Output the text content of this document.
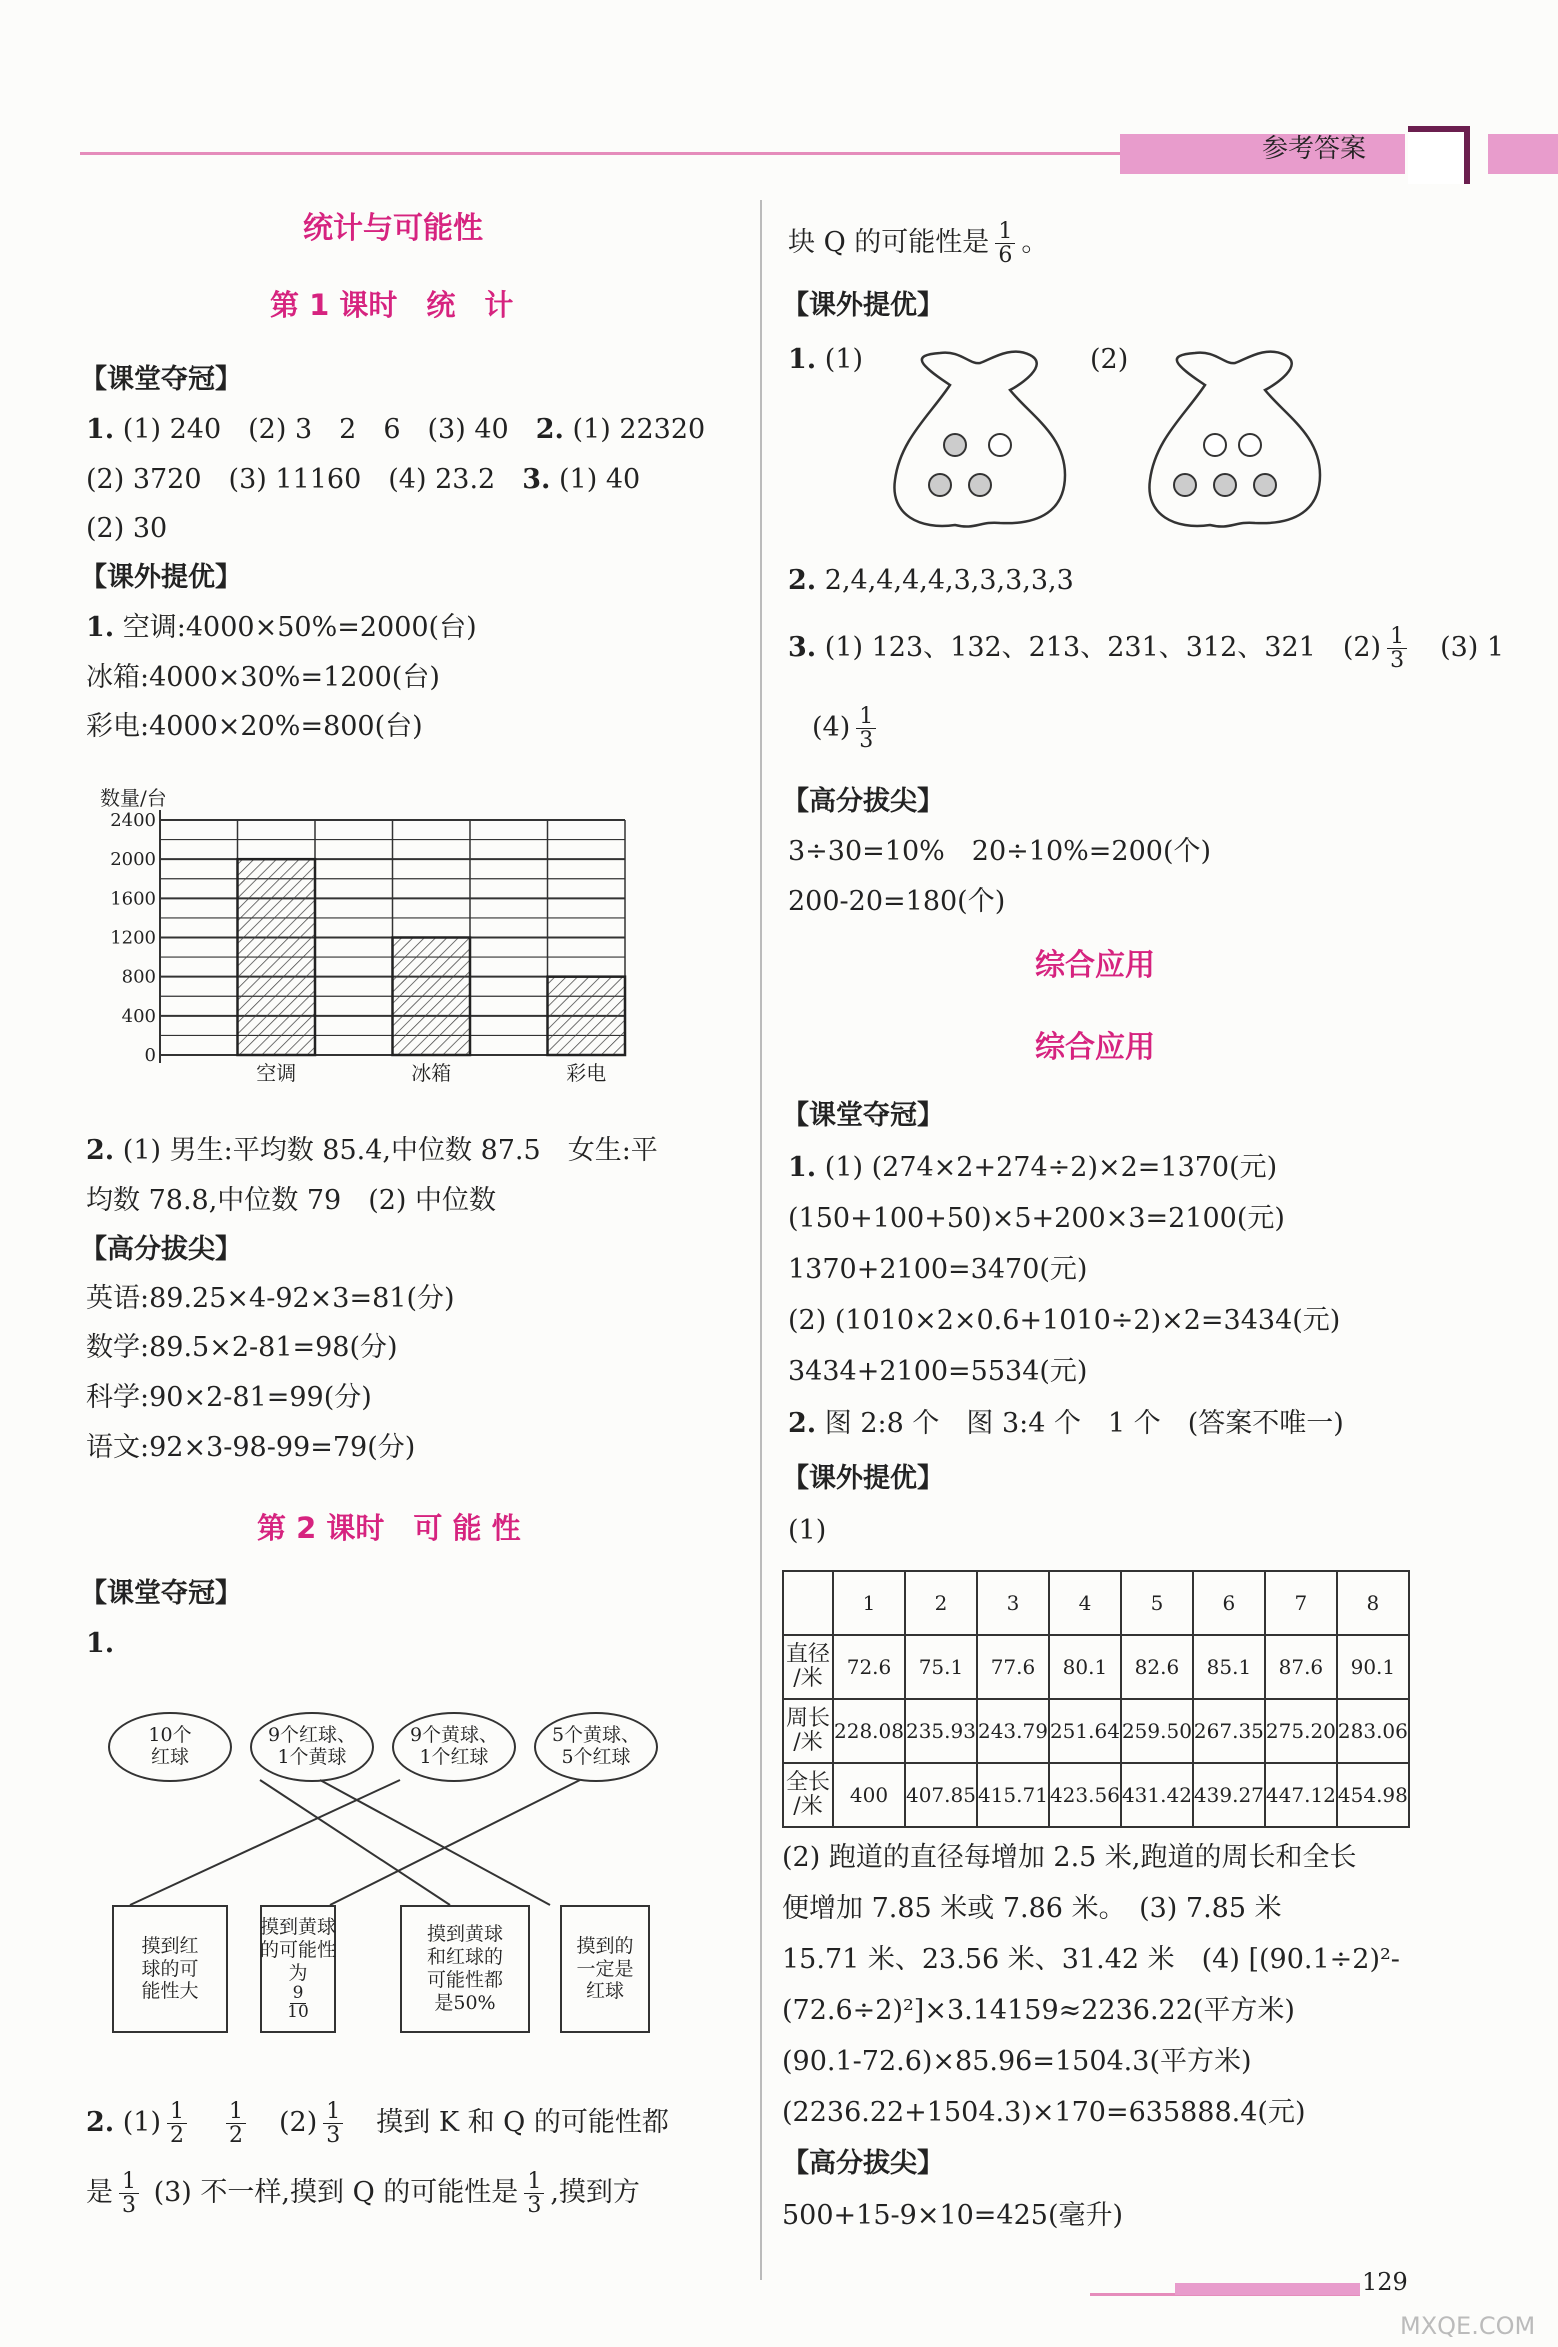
参考答案
统计与可能性
第 1 课时　统　计
【课堂夺冠】
1. (1) 240　(2) 3　2　6　(3) 40　 2. (1) 22320
(2) 3720　(3) 11160　(4) 23.2　 3. (1) 40
(2) 30
【课外提优】
1. 空调:4000×50%=2000(台)
冰箱:4000×30%=1200(台)
彩电:4000×20%=800(台)
数量/台
0
400
800
1200
1600
2000
2400
空调	冰箱	彩电
2. (1) 男生:平均数 85.4,中位数 87.5　女生:平
均数 78.8,中位数 79　(2) 中位数
【高分拔尖】
英语:89.25×4-92×3=81(分)
数学:89.5×2-81=98(分)
科学:90×2-81=99(分)
语文:92×3-98-99=79(分)
第 2 课时　可 能 性
【课堂夺冠】
1.
10个
红球
9个红球、
1个黄球
9个黄球、
1个红球
5个黄球、
5个红球
摸到红
球的可
能性大
摸到黄球
的可能性
为
$\frac{9}{10}$
摸到黄球
和红球的
可能性都
是50%
摸到的
一定是
红球
2. $(1) \frac{1}{2}$
　 $\frac{1}{2}$ 　$(2) \frac{1}{3}$
　 摸到 K 和 Q 的可能性都
是 $\frac{1}{3} (3)$ 不一样,摸到 Q 的可能性是 $\frac{1}{3}$ ,摸到方
块 Q 的可能性是 $\frac{1}{6}$ 。
【课外提优】
1. (1)	(2)
2. 2,4,4,4,4,3,3,3,3,3
3. (1) 123、132、213、231、312、321　$(2) \frac{1}{3}$
　 (3) 1
$(4) \frac{1}{3}$
【高分拔尖】
3÷30=10%　20÷10%=200(个)
200-20=180(个)
综合应用
综合应用
【课堂夺冠】
1. (1) (274×2+274÷2)×2=1370(元)
(150+100+50)×5+200×3=2100(元)
1370+2100=3470(元)
(2) (1010×2×0.6+1010÷2)×2=3434(元)
3434+2100=5534(元)
2. 图 2:8 个　图 3:4 个　1 个　(答案不唯一)
【课外提优】
(1)
	1	2	3	4	5	6	7	8
直径
/米	72.6	75.1	77.6	80.1	82.6	85.1	87.6	90.1
周长
/米	228.08	235.93	243.79	251.64	259.50	267.35	275.20	283.06
全长
/米	400	407.85	415.71	423.56	431.42	439.27	447.12	454.98
(2) 跑道的直径每增加 2.5 米,跑道的周长和全长
便增加 7.85 米或 7.86 米。　(3) 7.85 米
15.71 米、23.56 米、31.42 米　(4) [(90.1÷2)²-
(72.6÷2)²]×3.14159≈2236.22(平方米)
(90.1-72.6)×85.96=1504.3(平方米)
(2236.22+1504.3)×170=635888.4(元)
【高分拔尖】
500+15-9×10=425(毫升)
129
MXQE.COM
